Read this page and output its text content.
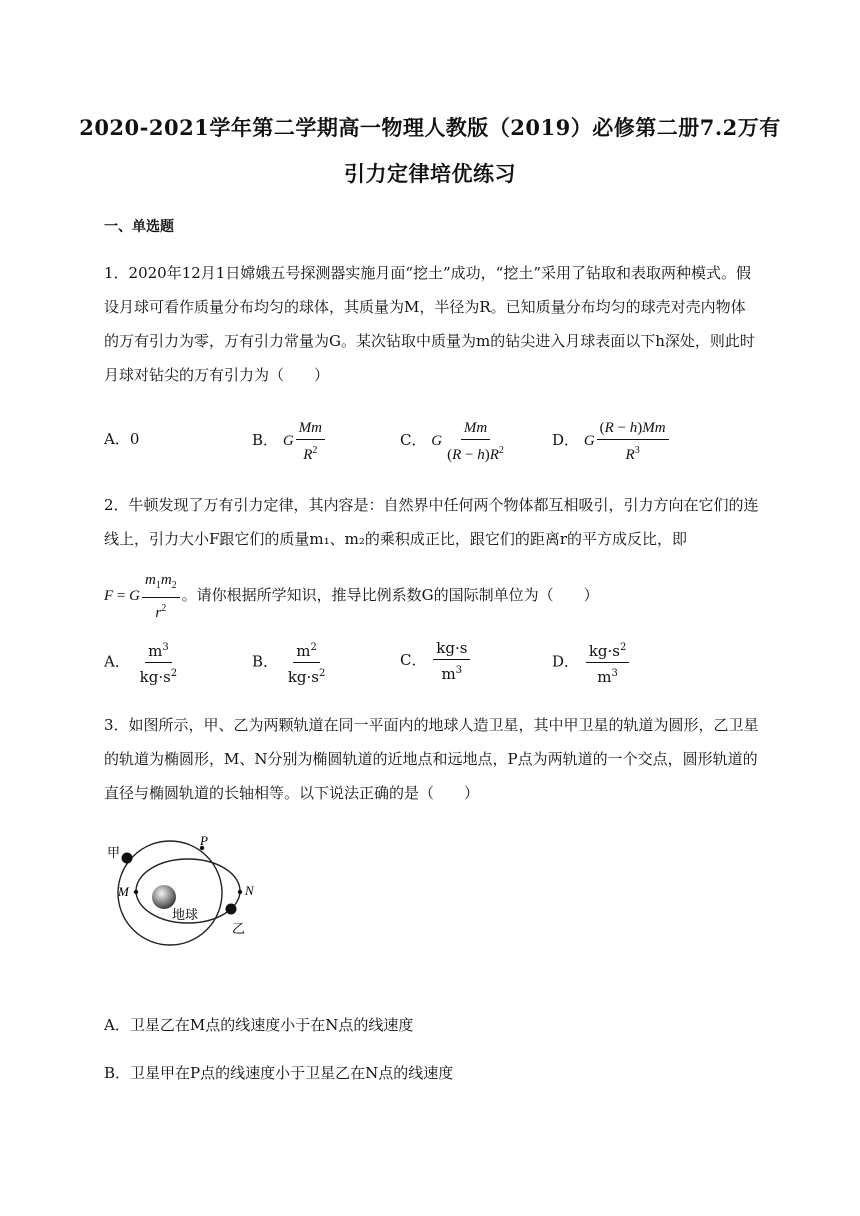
2020-2021学年第二学期高一物理人教版（2019）必修第二册7.2万有
引力定律培优练习
一、单选题
1．2020年12月1日嫦娥五号探测器实施月面“挖土”成功，“挖土”采用了钻取和表取两种模式。假设月球可看作质量分布均匀的球体，其质量为M，半径为R。已知质量分布均匀的球壳对壳内物体的万有引力为零，万有引力常量为G。某次钻取中质量为m的钻尖进入月球表面以下h深处，则此时月球对钻尖的万有引力为（　　）
A．0	B． G $\frac{Mm}{R^2}$	C． G $\frac{Mm}{(R - h)R^2}$	D． G $\frac{(R - h)Mm}{R^3}$
2．牛顿发现了万有引力定律，其内容是：自然界中任何两个物体都互相吸引，引力方向在它们的连线上，引力大小F跟它们的质量m₁、m₂的乘积成正比，跟它们的距离r的平方成反比，即
F = G $\frac{m_1m_2}{r^2}$ 。请你根据所学知识，推导比例系数G的国际制单位为（　　）
A． $\frac{m^3}{kg\cdot s^2}$	B． $\frac{m^2}{kg\cdot s^2}$	C． $\frac{kg\cdot s}{m^3}$	D． $\frac{kg\cdot s^2}{m^3}$
3．如图所示，甲、乙为两颗轨道在同一平面内的地球人造卫星，其中甲卫星的轨道为圆形，乙卫星的轨道为椭圆形，M、N分别为椭圆轨道的近地点和远地点，P点为两轨道的一个交点，圆形轨道的直径与椭圆轨道的长轴相等。以下说法正确的是（　　）
甲
P
M	N
地球
乙
A．卫星乙在M点的线速度小于在N点的线速度
B．卫星甲在P点的线速度小于卫星乙在N点的线速度
